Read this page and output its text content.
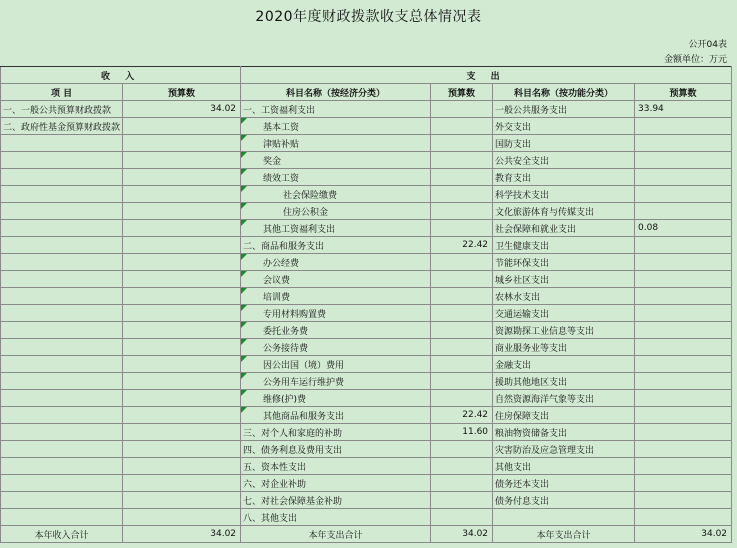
2020年度财政拨款收支总体情况表
公开04表
金额单位：万元
收 入		支 出			
项 目	预算数	科目名称（按经济分类）	预算数	科目名称（按功能分类）	预算数
一、一般公共预算财政拨款	34.02	一、工资福利支出		一般公共服务支出	33.94
二、政府性基金预算财政拨款		基本工资		外交支出	
		津贴补贴		国防支出	
		奖金		公共安全支出	
		绩效工资		教育支出	
		社会保险缴费		科学技术支出	
		住房公积金		文化旅游体育与传媒支出	
		其他工资福利支出		社会保障和就业支出	0.08
		二、商品和服务支出	22.42	卫生健康支出	
		办公经费		节能环保支出	
		会议费		城乡社区支出	
		培训费		农林水支出	
		专用材料购置费		交通运输支出	
		委托业务费		资源勘探工业信息等支出	
		公务接待费		商业服务业等支出	
		因公出国（境）费用		金融支出	
		公务用车运行维护费		援助其他地区支出	
		维修(护)费		自然资源海洋气象等支出	
		其他商品和服务支出	22.42	住房保障支出	
		三、对个人和家庭的补助	11.60	粮油物资储备支出	
		四、债务利息及费用支出		灾害防治及应急管理支出	
		五、资本性支出		其他支出	
		六、对企业补助		债务还本支出	
		七、对社会保障基金补助		债务付息支出	
		八、其他支出			
本年收入合计	34.02	本年支出合计	34.02	本年支出合计	34.02
